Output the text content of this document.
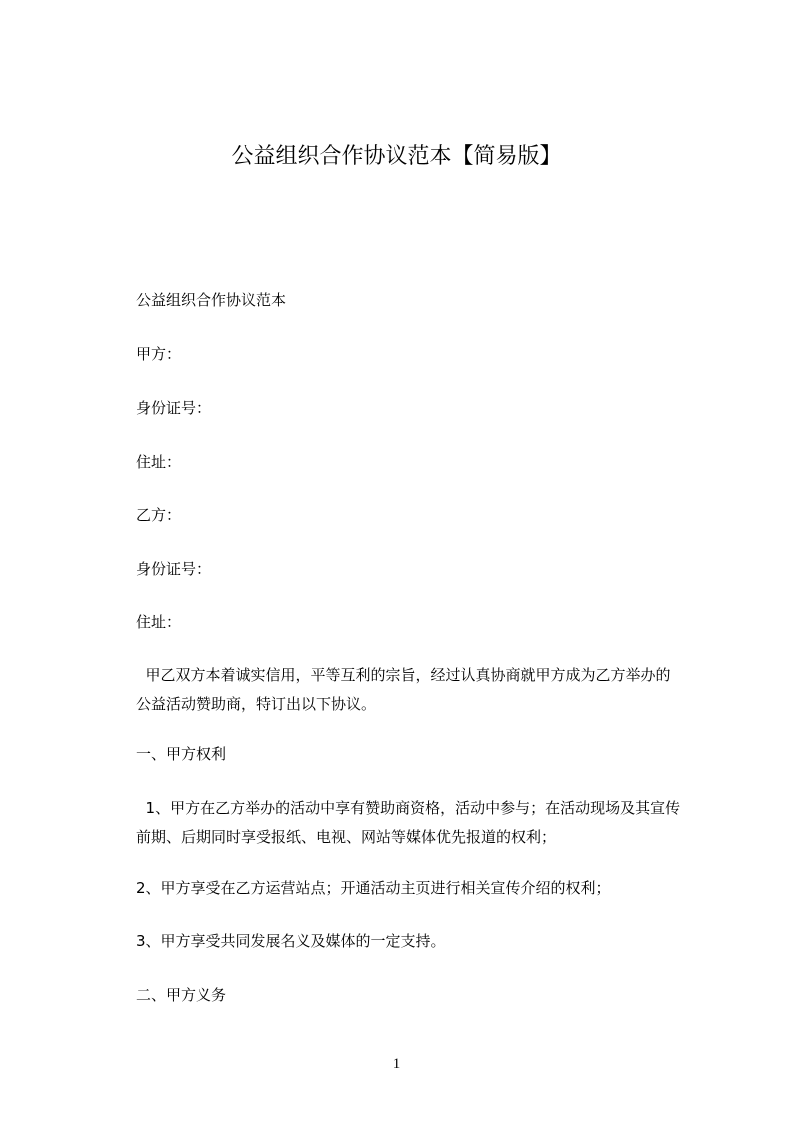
公益组织合作协议范本【简易版】
公益组织合作协议范本
甲方：
身份证号：
住址：
乙方：
身份证号：
住址：
甲乙双方本着诚实信用，平等互利的宗旨，经过认真协商就甲方成为乙方举办的
公益活动赞助商，特订出以下协议。
一、甲方权利
1、甲方在乙方举办的活动中享有赞助商资格，活动中参与；在活动现场及其宣传
前期、后期同时享受报纸、电视、网站等媒体优先报道的权利；
2、甲方享受在乙方运营站点；开通活动主页进行相关宣传介绍的权利；
3、甲方享受共同发展名义及媒体的一定支持。
二、甲方义务
1
